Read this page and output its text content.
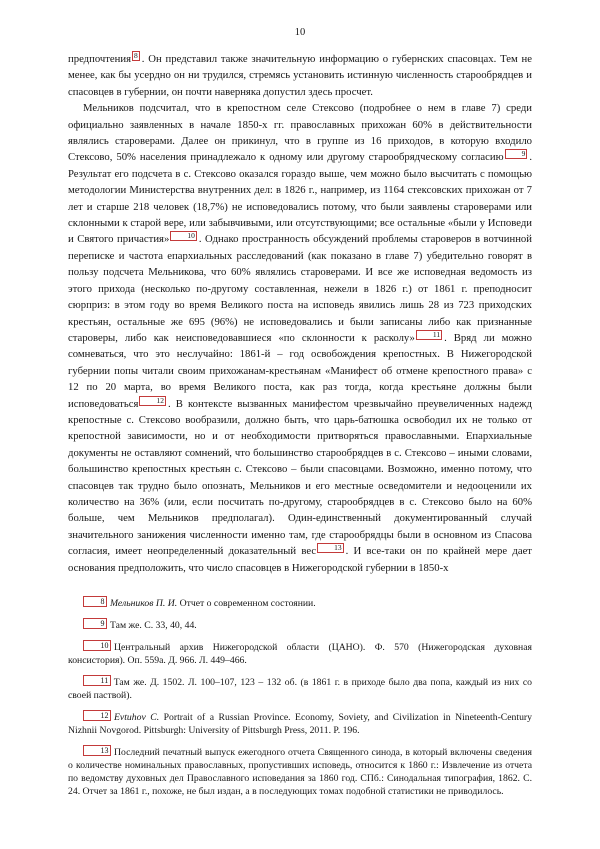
10

предпочтения $^8$ . Он представил также значительную информацию о губернских спасовцах. Тем не менее, как бы усердно он ни трудился, стремясь установить истинную численность старообрядцев и спасовцев в губернии, он почти наверняка допустил здесь просчет.

Мельников подсчитал, что в крепостном селе Стексово (подробнее о нем в главе 7) среди официально заявленных в начале 1850-х гг. православных прихожан 60% в действительности являлись староверами. Далее он прикинул, что в группе из 16 приходов, в которую входило Стексово, 50% населения принадлежало к одному или другому старообрядческому согласию $^9$ . Результат его подсчета в с. Стексово оказался гораздо выше, чем можно было высчитать с помощью методологии Министерства внутренних дел: в 1826 г., например, из 1164 стексовских прихожан от 7 лет и старше 218 человек (18,7%) не исповедовались потому, что были заявлены староверами или склонными к старой вере, или забывчивыми, или отсутствующими; все остальные «были у Исповеди и Святого причастия» $^{10}$ . Однако пространность обсуждений проблемы староверов в вотчинной переписке и частота епархиальных расследований (как показано в главе 7) убедительно говорят в пользу подсчета Мельникова, что 60% являлись староверами. И все же исповедная ведомость из этого прихода (несколько по-другому составленная, нежели в 1826 г.) от 1861 г. преподносит сюрприз: в этом году во время Великого поста на исповедь явились лишь 28 из 723 приходских крестьян, остальные же 695 (96%) не исповедовались и были записаны либо как признанные староверы, либо как неисповедовавшиеся «по склонности к расколу» $^{11}$ . Вряд ли можно сомневаться, что это неслучайно: 1861-й – год освобождения крепостных. В Нижегородской губернии попы читали своим прихожанам-крестьянам «Манифест об отмене крепостного права» с 12 по 20 марта, во время Великого поста, как раз тогда, когда крестьяне должны были исповедоваться $^{12}$ . В контексте вызванных манифестом чрезвычайно преувеличенных надежд крепостные с. Стексово вообразили, должно быть, что царь-батюшка освободил их не только от крепостной зависимости, но и от необходимости притворяться православными. Епархиальные документы не оставляют сомнений, что большинство старообрядцев в с. Стексово – иными словами, большинство крепостных крестьян с. Стексово – были спасовцами. Возможно, именно потому, что спасовцев так трудно было опознать, Мельников и его местные осведомители и недооценили их количество на 36% (или, если посчитать по-другому, старообрядцев в с. Стексово было на 60% больше, чем Мельников предполагал). Один-единственный документированный случай значительного занижения численности именно там, где старообрядцы были в основном из Спасова согласия, имеет неопределенный доказательный вес $^{13}$ . И все-таки он по крайней мере дает основания предположить, что число спасовцев в Нижегородской губернии в 1850-х

8 Мельников П. И. Отчет о современном состоянии.
9 Там же. С. 33, 40, 44.
10 Центральный архив Нижегородской области (ЦАНО). Ф. 570 (Нижегородская духовная консистория). Оп. 559а. Д. 966. Л. 449–466.
11 Там же. Д. 1502. Л. 100–107, 123 – 132 об. (в 1861 г. в приходе было два попа, каждый из них со своей паствой).
12 Evtuhov C. Portrait of a Russian Province. Economy, Soviety, and Civilization in Nineteenth-Century Nizhnii Novgorod. Pittsburgh: University of Pittsburgh Press, 2011. P. 196.
13 Последний печатный выпуск ежегодного отчета Священного синода, в который включены сведения о количестве номинальных православных, пропустивших исповедь, относится к 1860 г.: Извлечение из отчета по ведомству духовных дел Православного исповедания за 1860 год. СПб.: Синодальная типография, 1862. С. 24. Отчет за 1861 г., похоже, не был издан, а в последующих томах подобной статистики не приводилось.
